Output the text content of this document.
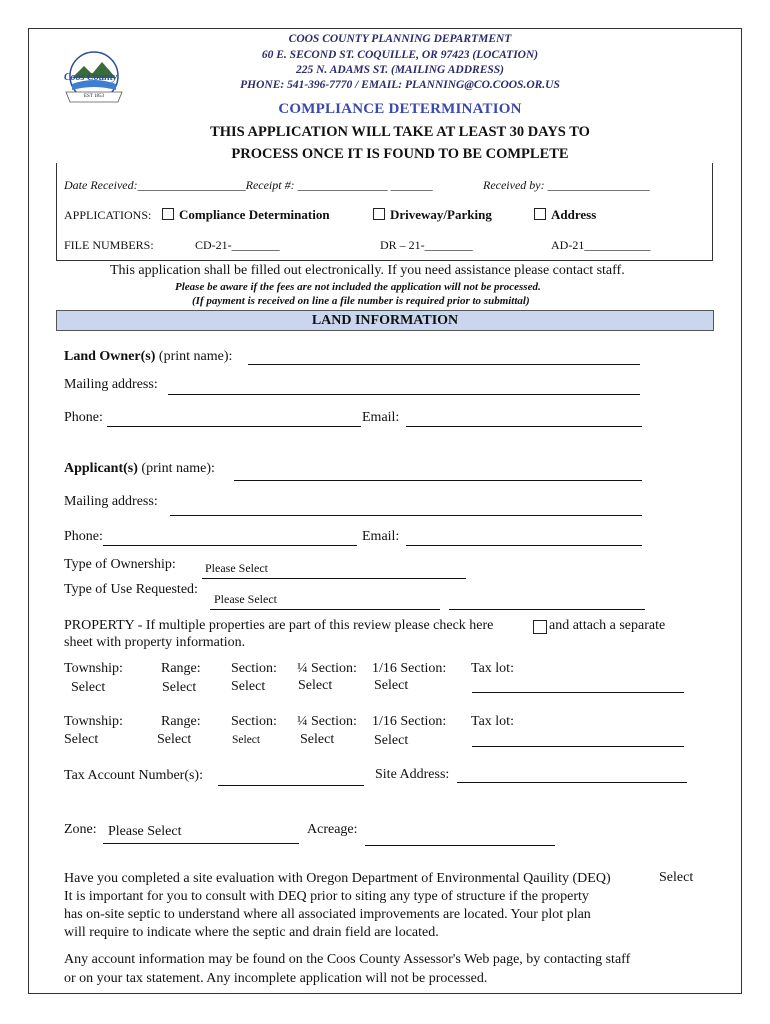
Coos County
EST 1853
COOS COUNTY PLANNING DEPARTMENT
60 E. SECOND ST. COQUILLE, OR 97423 (LOCATION)
225 N. ADAMS ST. (MAILING ADDRESS)
PHONE: 541-396-7770 / EMAIL: PLANNING@CO.COOS.OR.US
COMPLIANCE DETERMINATION
THIS APPLICATION WILL TAKE AT LEAST 30 DAYS TO
PROCESS ONCE IT IS FOUND TO BE COMPLETE
Date Received:__________________Receipt #: _______________ _______	Received by: _________________
APPLICATIONS:	Compliance Determination	Driveway/Parking	Address
FILE NUMBERS:	CD-21-________	DR – 21-________	AD-21___________
This application shall be filled out electronically. If you need assistance please contact staff.
Please be aware if the fees are not included the application will not be processed.
(If payment is received on line a file number is required prior to submittal)
LAND INFORMATION
Land Owner(s) (print name):
Mailing address:
Phone:	Email:
Applicant(s) (print name):
Mailing address:
Phone:	Email:
Type of Ownership: Please Select
Type of Use Requested:
Please Select
PROPERTY - If multiple properties are part of this review please check here	and attach a separate
sheet with property information.
Township:	Range: Section: ¼ Section: 1/16 Section: Tax lot:
Select	Select Select Select	Select
Township:	Range: Section: ¼ Section: 1/16 Section: Tax lot:
Select	Select	Select	Select	Select
Tax Account Number(s):	Site Address:
Zone: Please Select	Acreage:
Have you completed a site evaluation with Oregon Department of Environmental Qauility (DEQ)	Select
It is important for you to consult with DEQ prior to siting any type of structure if the property
has on-site septic to understand where all associated improvements are located. Your plot plan
will require to indicate where the septic and drain field are located.
Any account information may be found on the Coos County Assessor's Web page, by contacting staff
or on your tax statement. Any incomplete application will not be processed.
